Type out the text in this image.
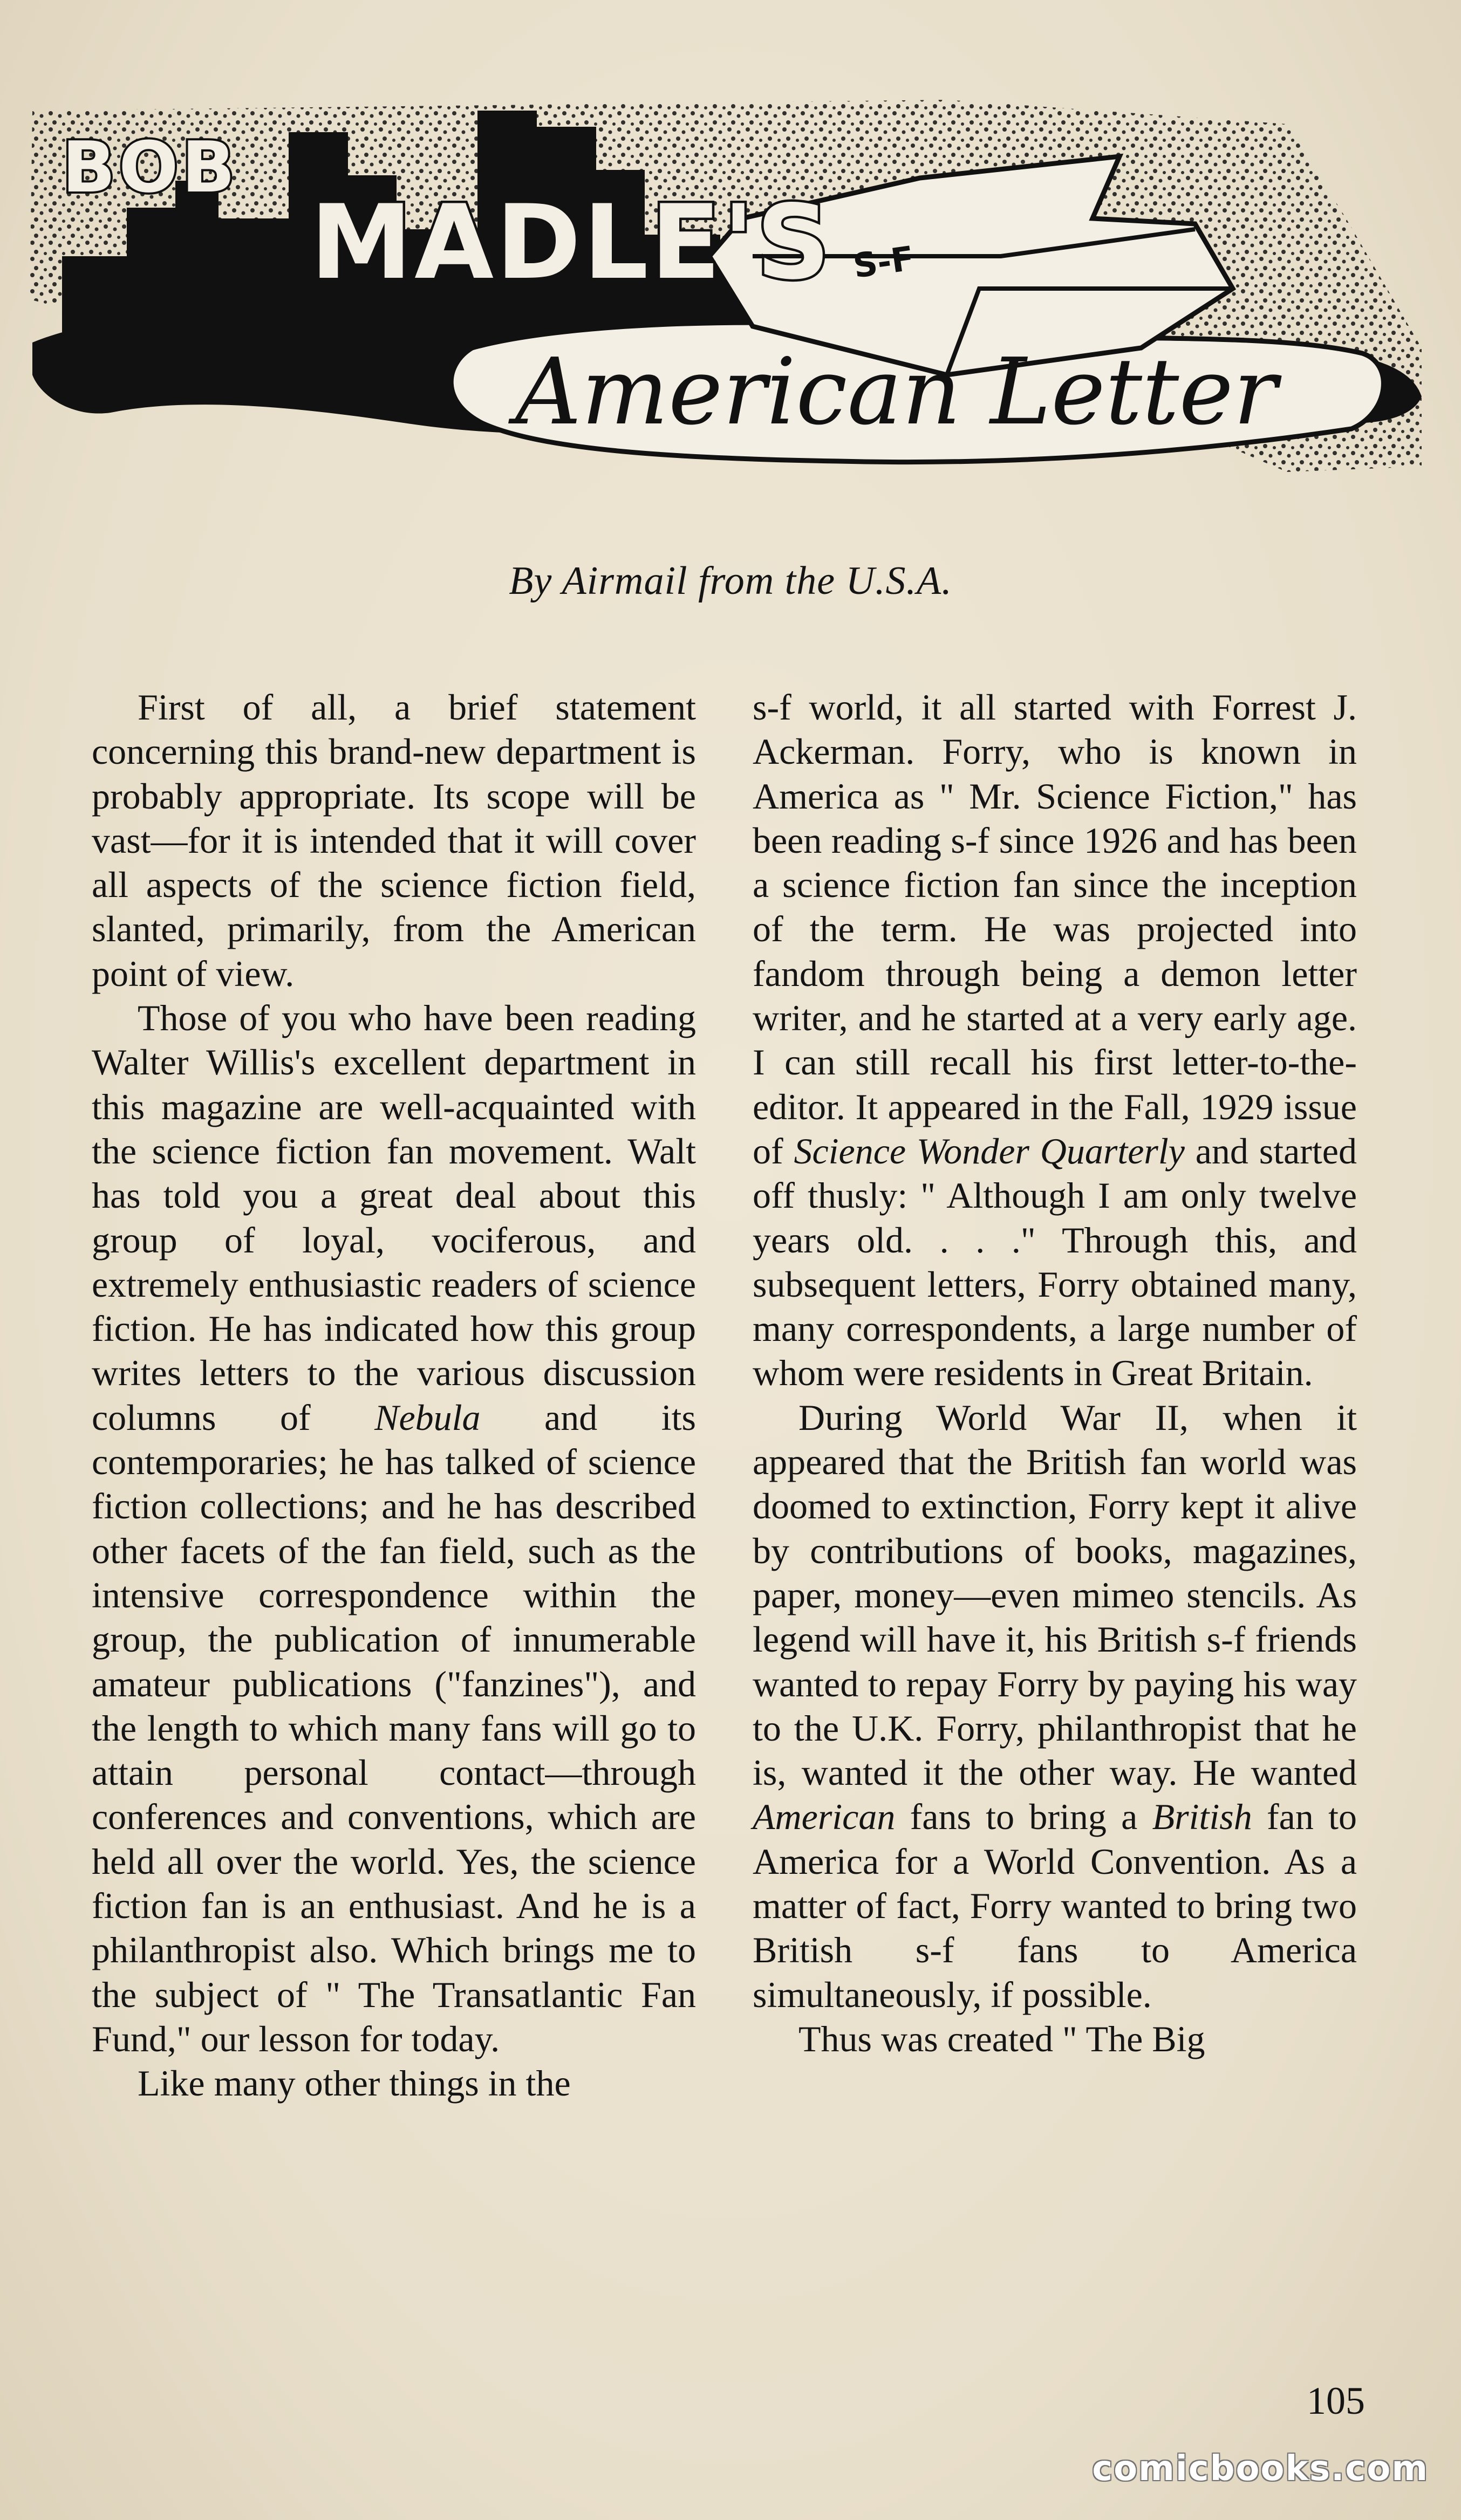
S-F
BOB
MADLE'S
American Letter
By Airmail from the U.S.A.

First of all, a brief statement concerning this brand-new department is probably appropriate. Its scope will be vast—for it is intended that it will cover all aspects of the science fiction field, slanted, primarily, from the American point of view.

Those of you who have been reading Walter Willis's excellent department in this magazine are well-acquainted with the science fiction fan movement. Walt has told you a great deal about this group of loyal, vociferous, and extremely enthusiastic readers of science fiction. He has indicated how this group writes letters to the various discussion columns of Nebula and its contemporaries; he has talked of science fiction collections; and he has described other facets of the fan field, such as the intensive correspondence within the group, the publication of innumerable amateur publications ("fanzines"), and the length to which many fans will go to attain personal contact—through conferences and conventions, which are held all over the world. Yes, the science fiction fan is an enthusiast. And he is a philanthropist also. Which brings me to the subject of " The Transatlantic Fan Fund," our lesson for today.

Like many other things in the

s-f world, it all started with Forrest J. Ackerman. Forry, who is known in America as " Mr. Science Fiction," has been reading s-f since 1926 and has been a science fiction fan since the inception of the term. He was projected into fandom through being a demon letter writer, and he started at a very early age. I can still recall his first letter-to-the-editor. It appeared in the Fall, 1929 issue of Science Wonder Quarterly and started off thusly: " Although I am only twelve years old. . . ." Through this, and subsequent letters, Forry obtained many, many correspondents, a large number of whom were residents in Great Britain.

During World War II, when it appeared that the British fan world was doomed to extinction, Forry kept it alive by contributions of books, magazines, paper, money—even mimeo stencils. As legend will have it, his British s-f friends wanted to repay Forry by paying his way to the U.K. Forry, philanthropist that he is, wanted it the other way. He wanted American fans to bring a British fan to America for a World Convention. As a matter of fact, Forry wanted to bring two British s-f fans to America simultaneously, if possible.

Thus was created " The Big

105
comicbooks.com
